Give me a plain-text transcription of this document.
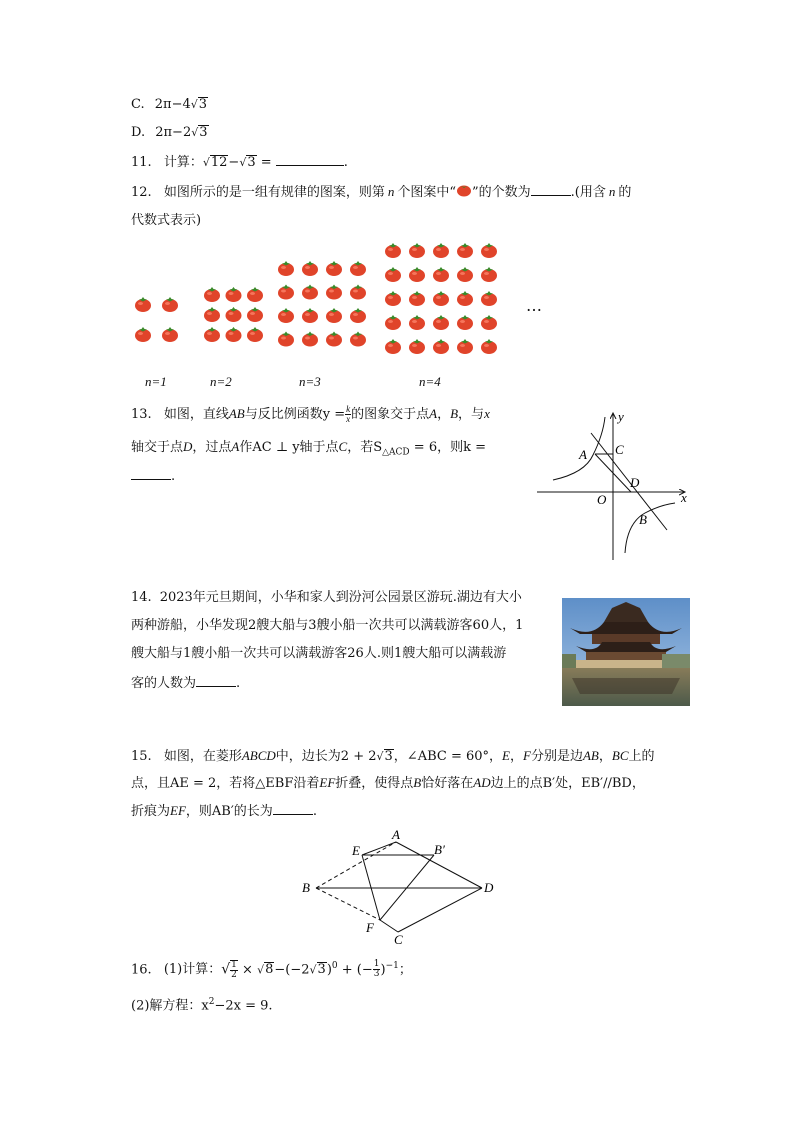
C. 2π−4√3
D. 2π−2√3
11. 计算：√12−√3 =	.
12. 如图所示的是一组有规律的图案，则第 n 个图案中“ ”的个数为	.(用含 n 的
代数式表示)
n=1	n=2	n=3	n=4
…
13. 如图，直线AB与反比例函数$y = \frac{k}{x}$ 的图象交于点A，B，与x
轴交于点D，过点A作AC ⊥ y轴于点C，若$S_{\triangle ACD} = 6$，则k =
.
y
x
A C
D
O
B
14. 2023年元旦期间，小华和家人到汾河公园景区游玩.湖边有大小
两种游船，小华发现2艘大船与3艘小船一次共可以满载游客60人，1
艘大船与1艘小船一次共可以满载游客26人.则1艘大船可以满载游
客的人数为	.
15. 如图，在菱形ABCD中，边长为2 + 2√3，∠ABC = 60°，E，F分别是边AB，BC上的
点，且AE = 2，若将△EBF沿着EF折叠，使得点B恰好落在AD边上的点B′处，EB′//BD，
折痕为EF，则AB′的长为	.
A
B′
E
B	D
F
C
16. (1)计算：√ $\frac{1}{2} \times √8-(-2√3)^0$ + (− $\frac{1}{3} )^{-1}$；
(2)解方程：$x^2-2x = 9$.
